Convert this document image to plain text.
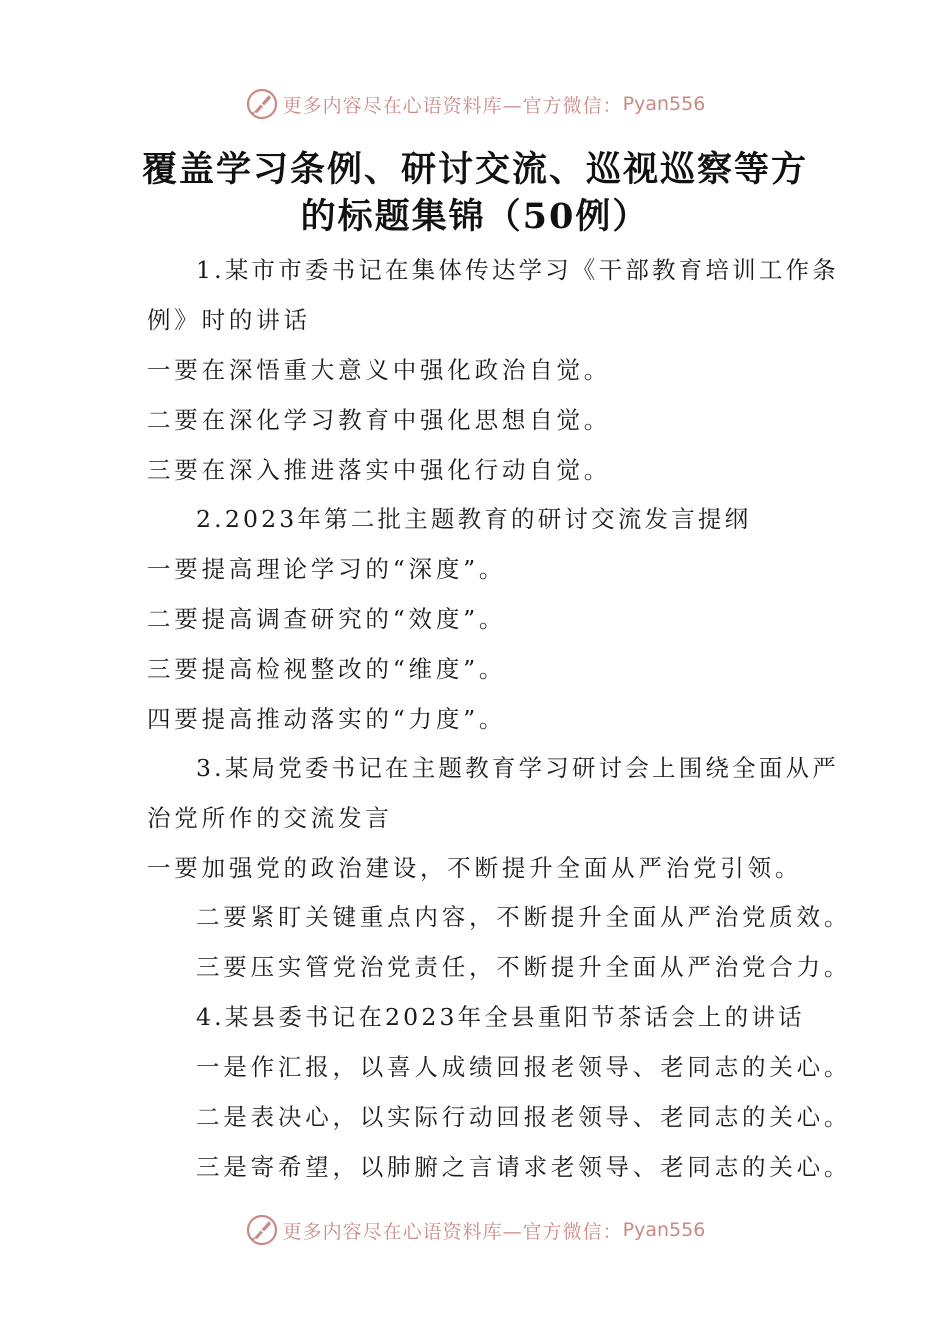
更多内容尽在心语资料库—官方微信： Pyan556
覆盖学习条例、研讨交流、巡视巡察等方
的标题集锦（50例）
1.某市市委书记在集体传达学习《干部教育培训工作条
例》时的讲话
一要在深悟重大意义中强化政治自觉。
二要在深化学习教育中强化思想自觉。
三要在深入推进落实中强化行动自觉。
2.2023年第二批主题教育的研讨交流发言提纲
一要提高理论学习的“深度”。
二要提高调查研究的“效度”。
三要提高检视整改的“维度”。
四要提高推动落实的“力度”。
3.某局党委书记在主题教育学习研讨会上围绕全面从严
治党所作的交流发言
一要加强党的政治建设，不断提升全面从严治党引领。
二要紧盯关键重点内容，不断提升全面从严治党质效。
三要压实管党治党责任，不断提升全面从严治党合力。
4.某县委书记在2023年全县重阳节茶话会上的讲话
一是作汇报，以喜人成绩回报老领导、老同志的关心。
二是表决心，以实际行动回报老领导、老同志的关心。
三是寄希望，以肺腑之言请求老领导、老同志的关心。
更多内容尽在心语资料库—官方微信： Pyan556
